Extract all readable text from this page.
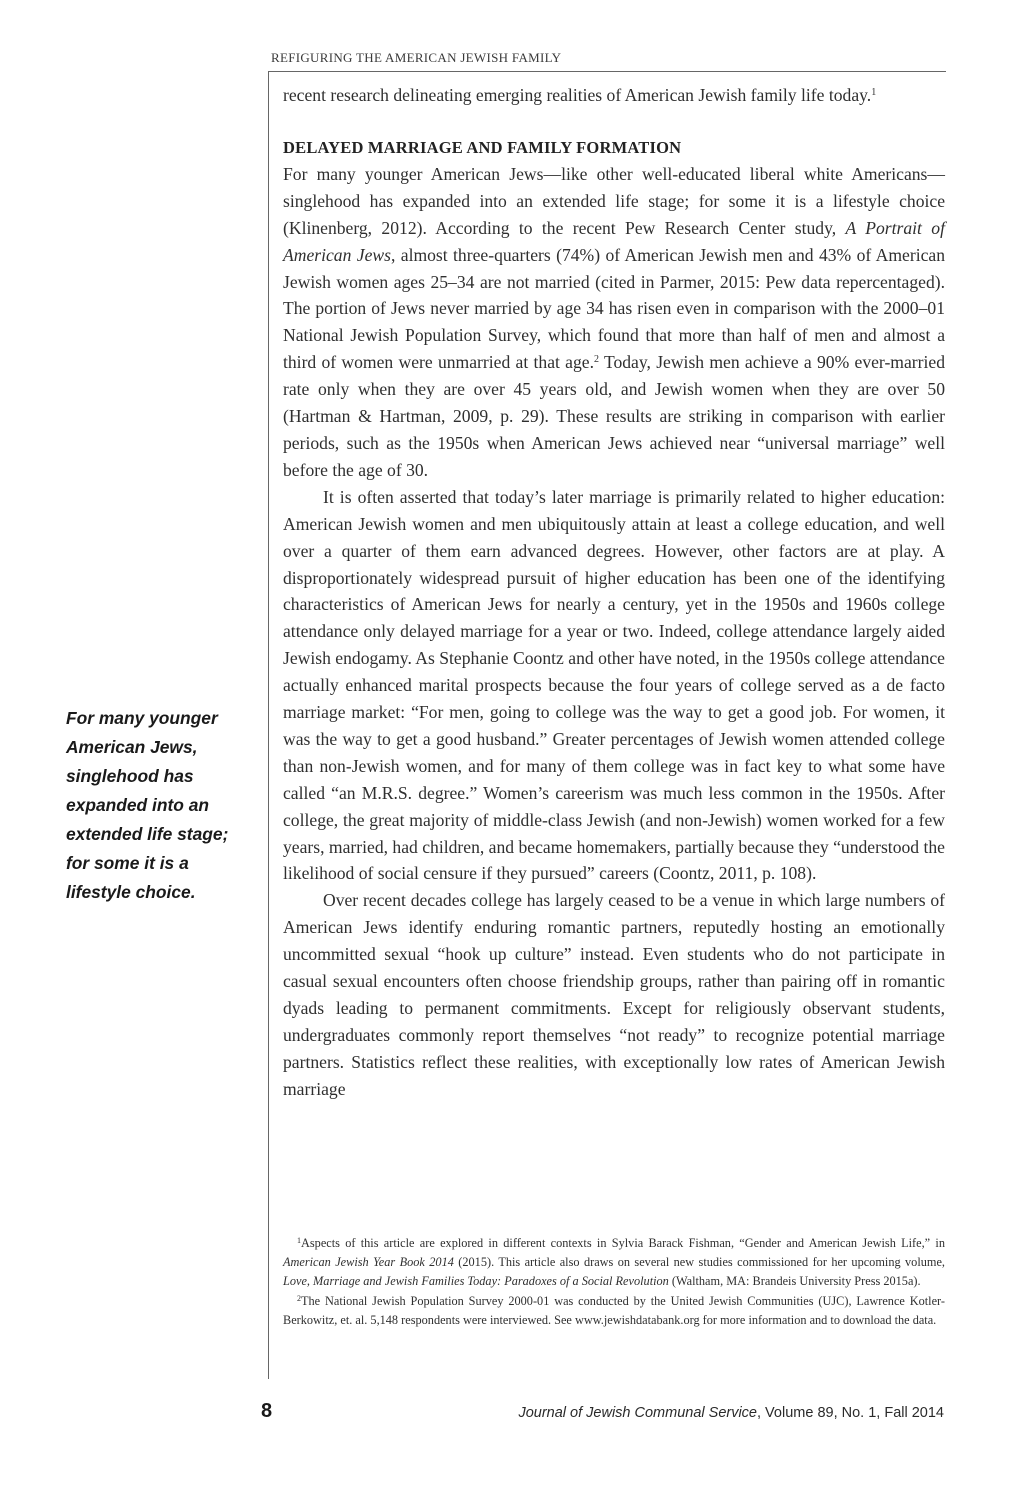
REFIGURING THE AMERICAN JEWISH FAMILY

recent research delineating emerging realities of American Jewish family life today.$^1$

DELAYED MARRIAGE AND FAMILY FORMATION

For many younger American Jews—like other well-educated liberal white Americans—singlehood has expanded into an extended life stage; for some it is a lifestyle choice (Klinenberg, 2012). According to the recent Pew Research Center study, A Portrait of American Jews, almost three-quarters (74%) of American Jewish men and 43% of American Jewish women ages 25–34 are not married (cited in Parmer, 2015: Pew data repercentaged). The portion of Jews never married by age 34 has risen even in comparison with the 2000–01 National Jewish Population Survey, which found that more than half of men and almost a third of women were unmarried at that age.$^2$ Today, Jewish men achieve a 90% ever-married rate only when they are over 45 years old, and Jewish women when they are over 50 (Hartman & Hartman, 2009, p. 29). These results are striking in comparison with earlier periods, such as the 1950s when American Jews achieved near “universal marriage” well before the age of 30.

It is often asserted that today’s later marriage is primarily related to higher education: American Jewish women and men ubiquitously attain at least a college education, and well over a quarter of them earn advanced degrees. However, other factors are at play. A disproportionately widespread pursuit of higher education has been one of the identifying characteristics of American Jews for nearly a century, yet in the 1950s and 1960s college attendance only delayed marriage for a year or two. Indeed, college attendance largely aided Jewish endogamy. As Stephanie Coontz and other have noted, in the 1950s college attendance actually enhanced marital prospects because the four years of college served as a de facto marriage market: “For men, going to college was the way to get a good job. For women, it was the way to get a good husband.” Greater percentages of Jewish women attended college than non-Jewish women, and for many of them college was in fact key to what some have called “an M.R.S. degree.” Women’s careerism was much less common in the 1950s. After college, the great majority of middle-class Jewish (and non-Jewish) women worked for a few years, married, had children, and became homemakers, partially because they “understood the likelihood of social censure if they pursued” careers (Coontz, 2011, p. 108).

Over recent decades college has largely ceased to be a venue in which large numbers of American Jews identify enduring romantic partners, reputedly hosting an emotionally uncommitted sexual “hook up culture” instead. Even students who do not participate in casual sexual encounters often choose friendship groups, rather than pairing off in romantic dyads leading to permanent commitments. Except for religiously observant students, undergraduates commonly report themselves “not ready” to recognize potential marriage partners. Statistics reflect these realities, with exceptionally low rates of American Jewish marriage

For many younger American Jews, singlehood has expanded into an extended life stage; for some it is a lifestyle choice.

$^1$Aspects of this article are explored in different contexts in Sylvia Barack Fishman, “Gender and American Jewish Life,” in American Jewish Year Book 2014 (2015). This article also draws on several new studies commissioned for her upcoming volume, Love, Marriage and Jewish Families Today: Paradoxes of a Social Revolution (Waltham, MA: Brandeis University Press 2015a).

$^2$The National Jewish Population Survey 2000-01 was conducted by the United Jewish Communities (UJC), Lawrence Kotler-Berkowitz, et. al. 5,148 respondents were interviewed. See www.jewishdatabank.org for more information and to download the data.

8	Journal of Jewish Communal Service, Volume 89, No. 1, Fall 2014
